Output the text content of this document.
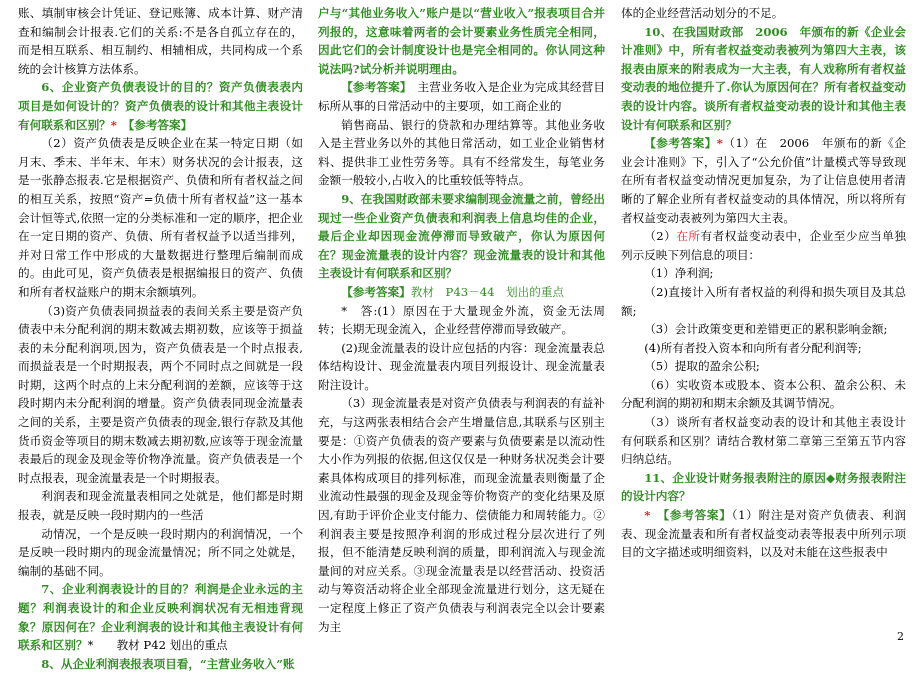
账、填制审核会计凭证、登记账簿、成本计算、财产清查和编制会计报表.它们的关系:不是各自孤立存在的，而是相互联系、相互制约、相辅相成，共同构成一个系统的会计核算方法体系。

6、企业资产负债表设计的目的？资产负债表表内项目是如何设计的？资产负债表的设计和其他主表设计有何联系和区别？*　 【参考答案】

（2）资产负债表是反映企业在某一特定日期（如月末、季末、半年末、年末）财务状况的会计报表，这是一张静态报表.它是根据资产、负债和所有者权益之间的相互关系，按照“资产=负债十所有者权益”这一基本会计恒等式,依照一定的分类标准和一定的顺序，把企业在一定日期的资产、负债、所有者权益予以适当排列，并对日常工作中形成的大量数据进行整理后编制而成的。由此可见，资产负债表是根据编报日的资产、负债和所有者权益账户的期末余额填列。

（3)资产负债表同损益表的表间关系主要是资产负债表中未分配利润的期末数减去期初数，应该等于损益表的未分配利润项,因为，资产负债表是一个时点报表,而损益表是一个时期报表，两个不同时点之间就是一段时期，这两个时点的上末分配利润的差额，应该等于这段时期内未分配利润的增量。资产负债表同现金流量表之间的关系，主要是资产负债表的现金,银行存款及其他货币资金等项目的期末数减去期初数,应该等于现金流量表最后的现金及现金等价物净流量。资产负债表是一个时点报表，现金流量表是一个时期报表。

利润表和现金流量表相同之处就是，他们都是时期报表，就是反映一段时期内的一些活

动情况，一个是反映一段时期内的利润情况，一个是反映一段时期内的现金流量情况；所不同之处就是，编制的基础不同。

7、企业利润表设计的目的？利润是企业永远的主题？利润表设计的和企业反映利润状况有无相违背现象？原因何在？企业利润表的设计和其他主表设计有何联系和区别？*　　教材 P42 划出的重点

8、从企业利润表报表项目看，“主营业务收入”账

户与“其他业务收入”账户是以“营业收入”报表项目合并列报的，这意味着两者的会计要素业务性质完全相同，因此它们的会计制度设计也是完全相同的。你认同这种说法吗?试分析并说明理由。

【参考答案】　 主营业务收入是企业为完成其经营目标所从事的日常活动中的主要项，如工商企业的

销售商品、银行的贷款和办理结算等。其他业务收入是主营业务以外的其他日常活动，如工业企业销售材料、提供非工业性劳务等。具有不经常发生，每笔业务金额一般较小,占收入的比重较低等特点。

9、在我国财政部未要求编制现金流量之前，曾经出现过一些企业资产负债表和利润表上信息均佳的企业，最后企业却因现金流停滞而导致破产，你认为原因何在？现金流量表的设计内容？现金流量表的设计和其他主表设计有何联系和区别？

【参考答案】教材　P43－44　划出的重点

*　答:(1）原因在于大量现金外流，资金无法周转；长期无现金流入，企业经营停滞而导致破产。

(2)现金流量表的设计应包括的内容：现金流量表总体结构设计、现金流量表内项目列报设计、现金流量表附注设计。

（3）现金流量表是对资产负债表与利润表的有益补充，与这两张表相结合会产生增量信息,其联系与区别主要是：①资产负债表的资产要素与负债要素是以流动性大小作为列报的依据,但这仅仅是一种财务状况类会计要素具体构成项目的排列标准，而现金流量表则衡量了企业流动性最强的现金及现金等价物资产的变化结果及原因,有助于评价企业支付能力、偿债能力和周转能力。②利润表主要是按照净利润的形成过程分层次进行了列报，但不能清楚反映利润的质量，即利润流入与现金流量间的对应关系。③现金流量表是以经营活动、投资活动与筹资活动将企业全部现金流量进行划分，这无疑在一定程度上修正了资产负债表与利润表完全以会计要素为主

体的企业经营活动划分的不足。

10、在我国财政部　2006　年颁布的新《企业会计准则》中，所有者权益变动表被列为第四大主表，该报表由原来的附表成为一大主表，有人戏称所有者权益变动表的地位提升了.你认为原因何在？所有者权益变动表的设计内容。谈所有者权益变动表的设计和其他主表设计有何联系和区别？

【参考答案】*（1）在　2006　年颁布的新《企业会计准则》下，引入了“公允价值”计量模式等导致现在所有者权益变动情况更加复杂，为了让信息使用者清晰的了解企业所有者权益变动的具体情况，所以将所有者权益变动表被列为第四大主表。

（2）在所有者权益变动表中，企业至少应当单独列示反映下列信息的项目：

（1）净利润;

（2)直接计入所有者权益的利得和损失项目及其总额;

（3）会计政策变更和差错更正的累积影响金额;

(4)所有者投入资本和向所有者分配利润等;

（5）提取的盈余公积;

（6）实收资本或股本、资本公积、盈余公积、未分配利润的期初和期末余额及其调节情况。

（3）谈所有者权益变动表的设计和其他主表设计有何联系和区别？请结合教材第二章第三至第五节内容归纳总结。

11、企业设计财务报表附注的原因◆财务报表附注的设计内容？

*　 【参考答案】（1）附注是对资产负债表、利润表、现金流量表和所有者权益变动表等报表中所列示项目的文字描述或明细资料，以及对未能在这些报表中

2
